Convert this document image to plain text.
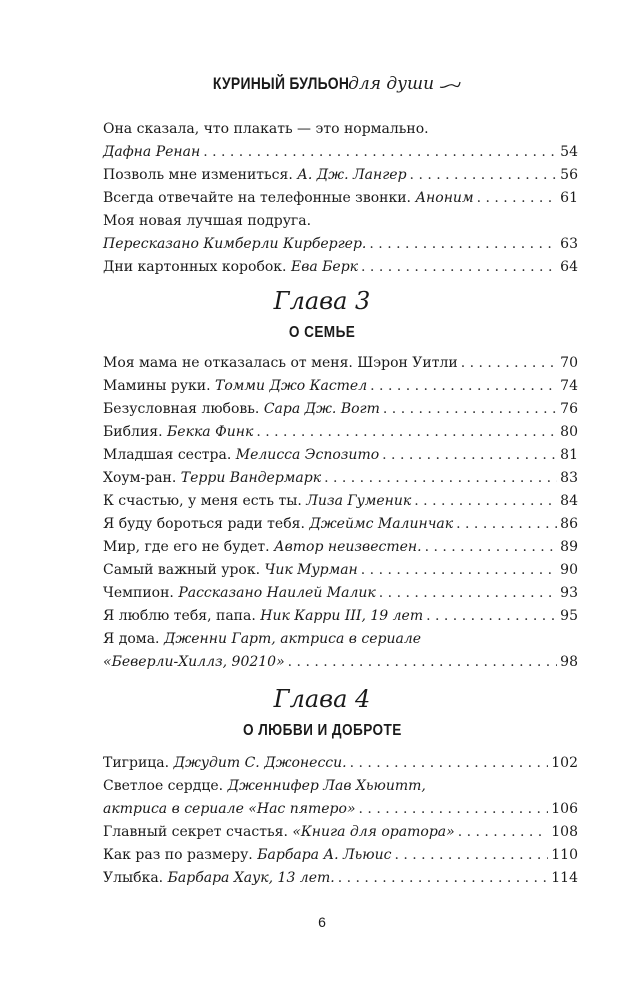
КУРИНЫЙ БУЛЬОН для души
Она сказала, что плакать — это нормально.
Дафна Ренан . . .	54
Позволь мне измениться. А. Дж. Лангер . . .	56
Всегда отвечайте на телефонные звонки. Аноним . . .	61
Моя новая лучшая подруга.
Пересказано Кимберли Кирбергер. . . .	63
Дни картонных коробок. Ева Берк . . .	64
Глава 3
О СЕМЬЕ
Моя мама не отказалась от меня. Шэрон Уитли . . .	70
Мамины руки. Томми Джо Кастел . . .	74
Безусловная любовь. Сара Дж. Вогт . . .	76
Библия. Бекка Финк . . .	80
Младшая сестра. Мелисса Эспозито . . .	81
Хоум-ран. Терри Вандермарк . . .	83
К счастью, у меня есть ты. Лиза Гуменик . . .	84
Я буду бороться ради тебя. Джеймс Малинчак . . .	86
Мир, где его не будет. Автор неизвестен. . . .	89
Самый важный урок. Чик Мурман . . .	90
Чемпион. Рассказано Наилей Малик . . .	93
Я люблю тебя, папа. Ник Карри III, 19 лет . . .	95
Я дома. Дженни Гарт, актриса в сериале
«Беверли-Хиллз, 90210» . . .	98
Глава 4
О ЛЮБВИ И ДОБРОТЕ
Тигрица. Джудит С. Джонесси. . . .	102
Светлое сердце. Дженнифер Лав Хьюитт,
актриса в сериале «Нас пятеро» . . .	106
Главный секрет счастья. «Книга для оратора» . . .	108
Как раз по размеру. Барбара А. Льюис . . .	110
Улыбка. Барбара Хаук, 13 лет. . . .	114
6
